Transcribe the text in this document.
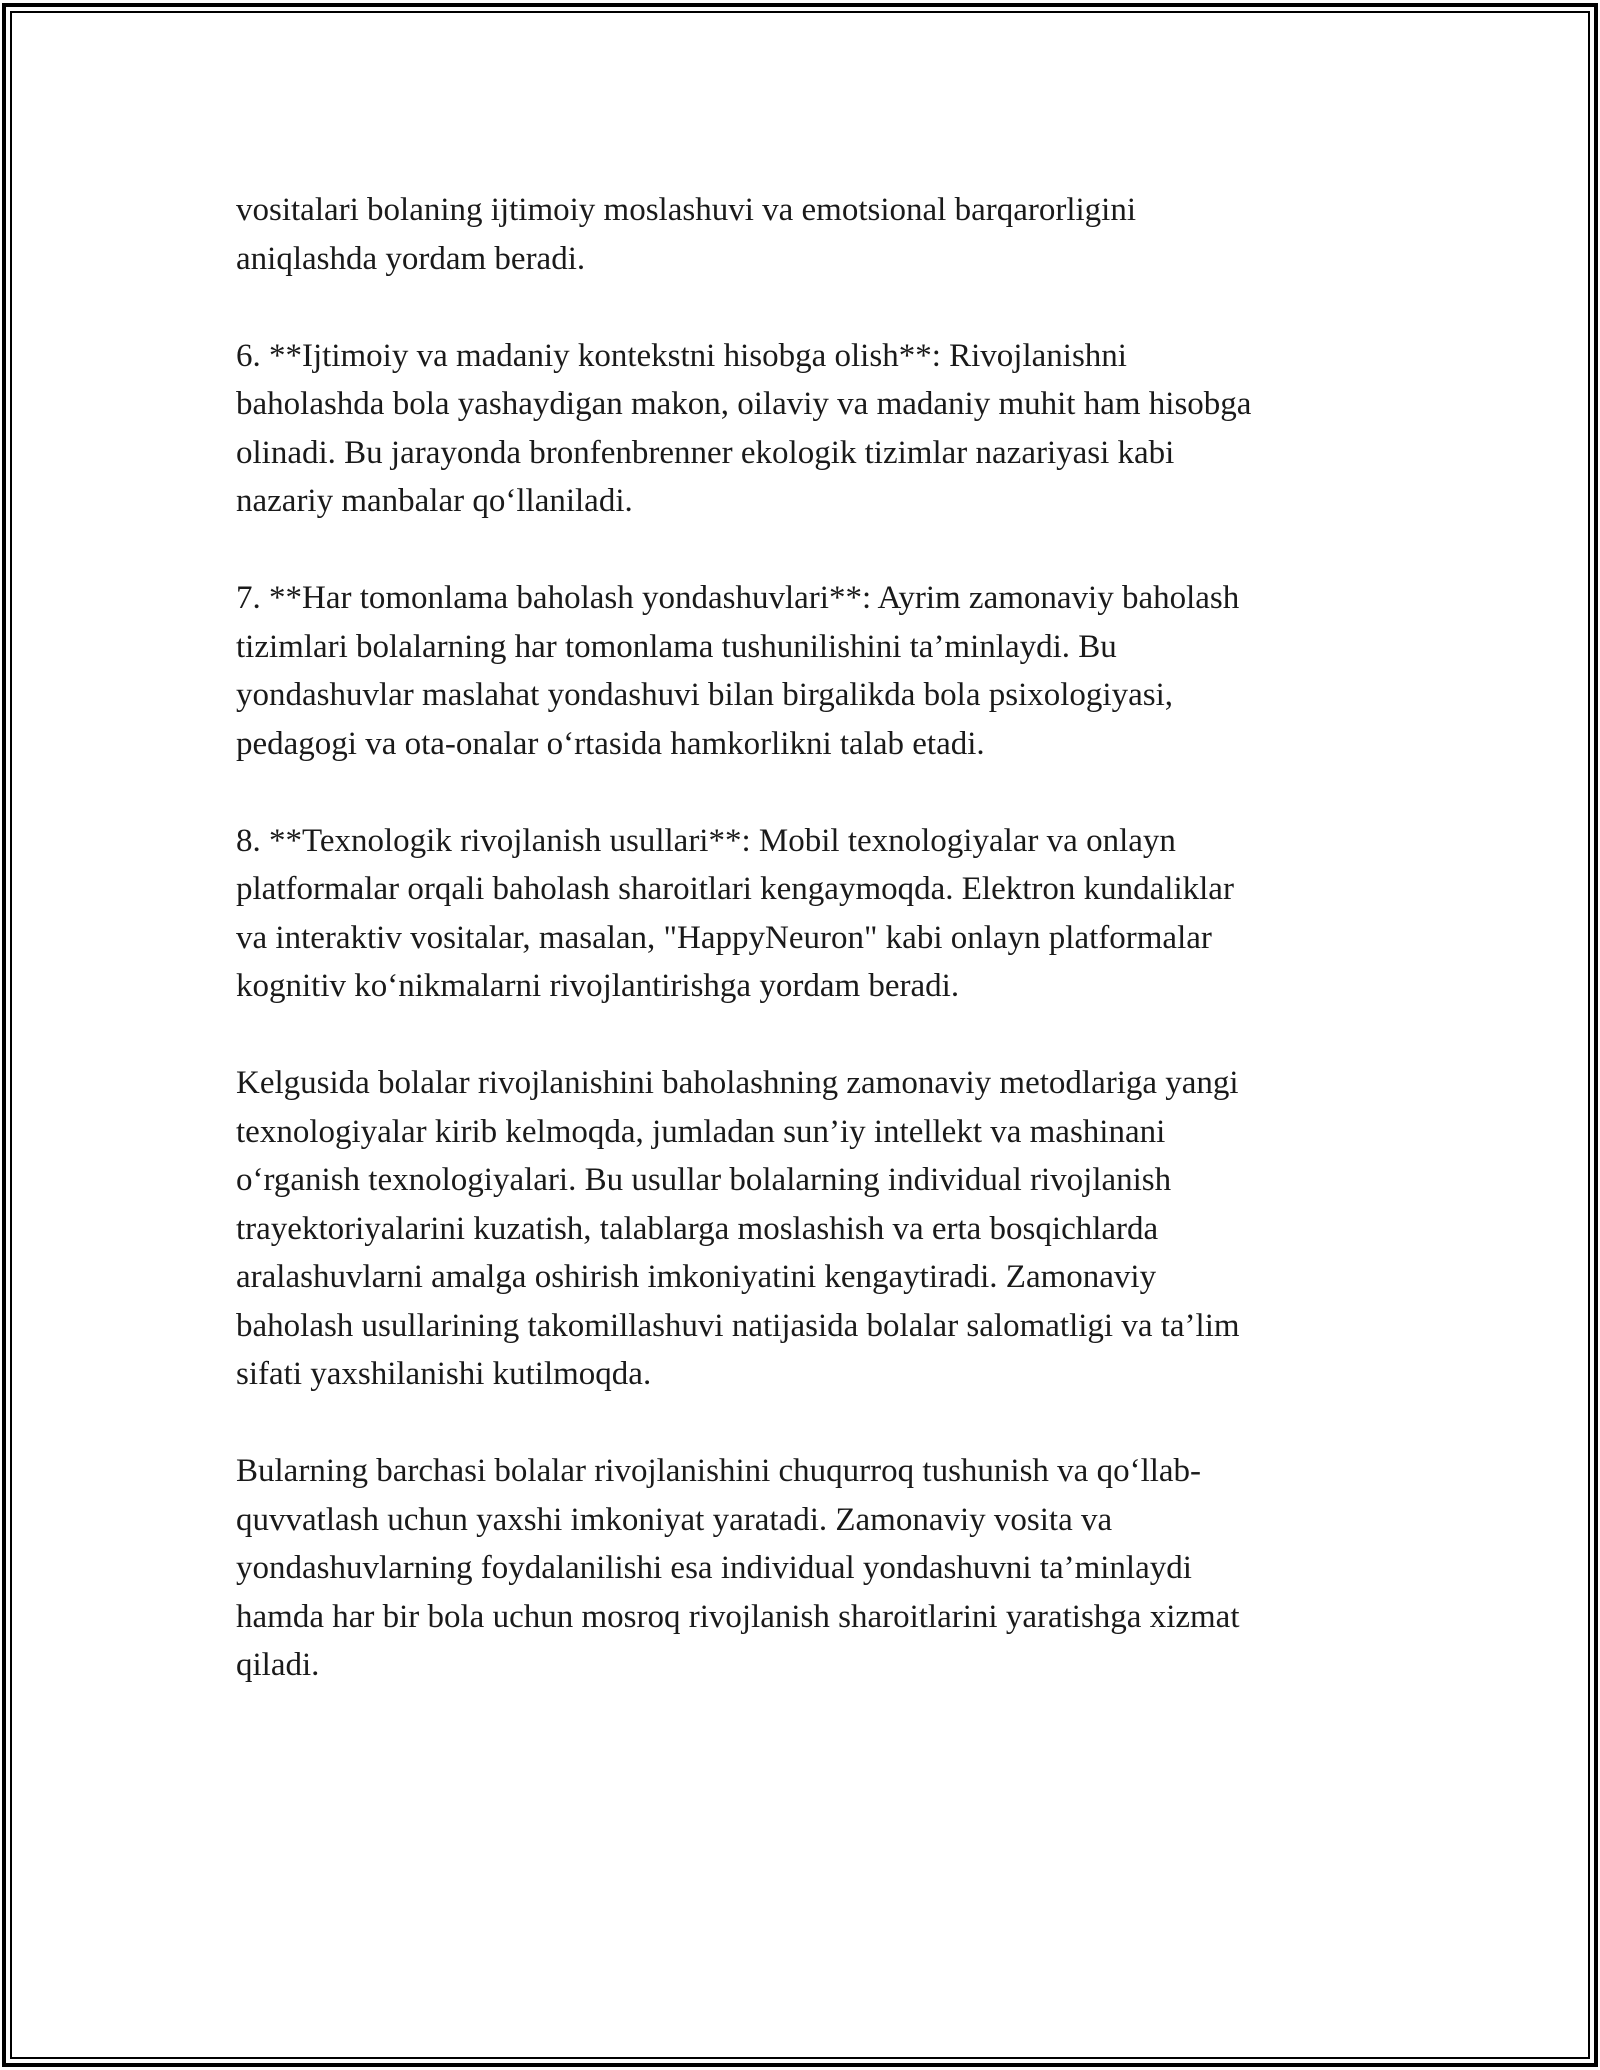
vositalari bolaning ijtimoiy moslashuvi va emotsional barqarorligini
aniqlashda yordam beradi.

6. **Ijtimoiy va madaniy kontekstni hisobga olish**: Rivojlanishni
baholashda bola yashaydigan makon, oilaviy va madaniy muhit ham hisobga
olinadi. Bu jarayonda bronfenbrenner ekologik tizimlar nazariyasi kabi
nazariy manbalar qo‘llaniladi.

7. **Har tomonlama baholash yondashuvlari**: Ayrim zamonaviy baholash
tizimlari bolalarning har tomonlama tushunilishini ta’minlaydi. Bu
yondashuvlar maslahat yondashuvi bilan birgalikda bola psixologiyasi,
pedagogi va ota-onalar o‘rtasida hamkorlikni talab etadi.

8. **Texnologik rivojlanish usullari**: Mobil texnologiyalar va onlayn
platformalar orqali baholash sharoitlari kengaymoqda. Elektron kundaliklar
va interaktiv vositalar, masalan, "HappyNeuron" kabi onlayn platformalar
kognitiv ko‘nikmalarni rivojlantirishga yordam beradi.

Kelgusida bolalar rivojlanishini baholashning zamonaviy metodlariga yangi
texnologiyalar kirib kelmoqda, jumladan sun’iy intellekt va mashinani
o‘rganish texnologiyalari. Bu usullar bolalarning individual rivojlanish
trayektoriyalarini kuzatish, talablarga moslashish va erta bosqichlarda
aralashuvlarni amalga oshirish imkoniyatini kengaytiradi. Zamonaviy
baholash usullarining takomillashuvi natijasida bolalar salomatligi va ta’lim
sifati yaxshilanishi kutilmoqda.

Bularning barchasi bolalar rivojlanishini chuqurroq tushunish va qo‘llab-
quvvatlash uchun yaxshi imkoniyat yaratadi. Zamonaviy vosita va
yondashuvlarning foydalanilishi esa individual yondashuvni ta’minlaydi
hamda har bir bola uchun mosroq rivojlanish sharoitlarini yaratishga xizmat
qiladi.
